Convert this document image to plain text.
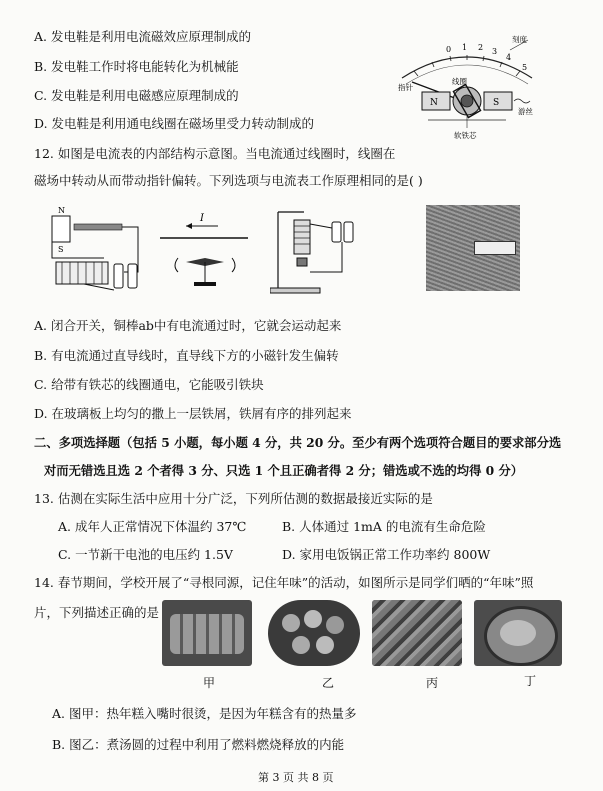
A. 发电鞋是利用电流磁效应原理制成的
B. 发电鞋工作时将电能转化为机械能
C. 发电鞋是利用电磁感应原理制成的
D. 发电鞋是利用通电线圈在磁场里受力转动制成的
0 1 2 3
4
5
刻度
指针
N	S
线圈
游丝
软铁芯
12. 如图是电流表的内部结构示意图。当电流通过线圈时，线圈在
磁场中转动从而带动指针偏转。下列选项与电流表工作原理相同的是( )
N
S
I
A. 闭合开关，铜棒ab中有电流通过时，它就会运动起来
B. 有电流通过直导线时，直导线下方的小磁针发生偏转
C. 给带有铁芯的线圈通电，它能吸引铁块
D. 在玻璃板上均匀的撒上一层铁屑，铁屑有序的排列起来
二、多项选择题（包括 5 小题，每小题 4 分，共 20 分。至少有两个选项符合题目的要求部分选
对而无错选且选 2 个者得 3 分、只选 1 个且正确者得 2 分；错选或不选的均得 0 分）
13. 估测在实际生活中应用十分广泛，下列所估测的数据最接近实际的是
A. 成年人正常情况下体温约 37℃	B. 人体通过 1mA 的电流有生命危险
C. 一节新干电池的电压约 1.5V	D. 家用电饭锅正常工作功率约 800W
14. 春节期间，学校开展了“寻根同源，记住年味”的活动，如图所示是同学们晒的“年味”照
片，下列描述正确的是
甲	乙	丙	丁
A. 图甲：热年糕入嘴时很烫，是因为年糕含有的热量多
B. 图乙：煮汤圆的过程中利用了燃料燃烧释放的内能
第 3 页 共 8 页
